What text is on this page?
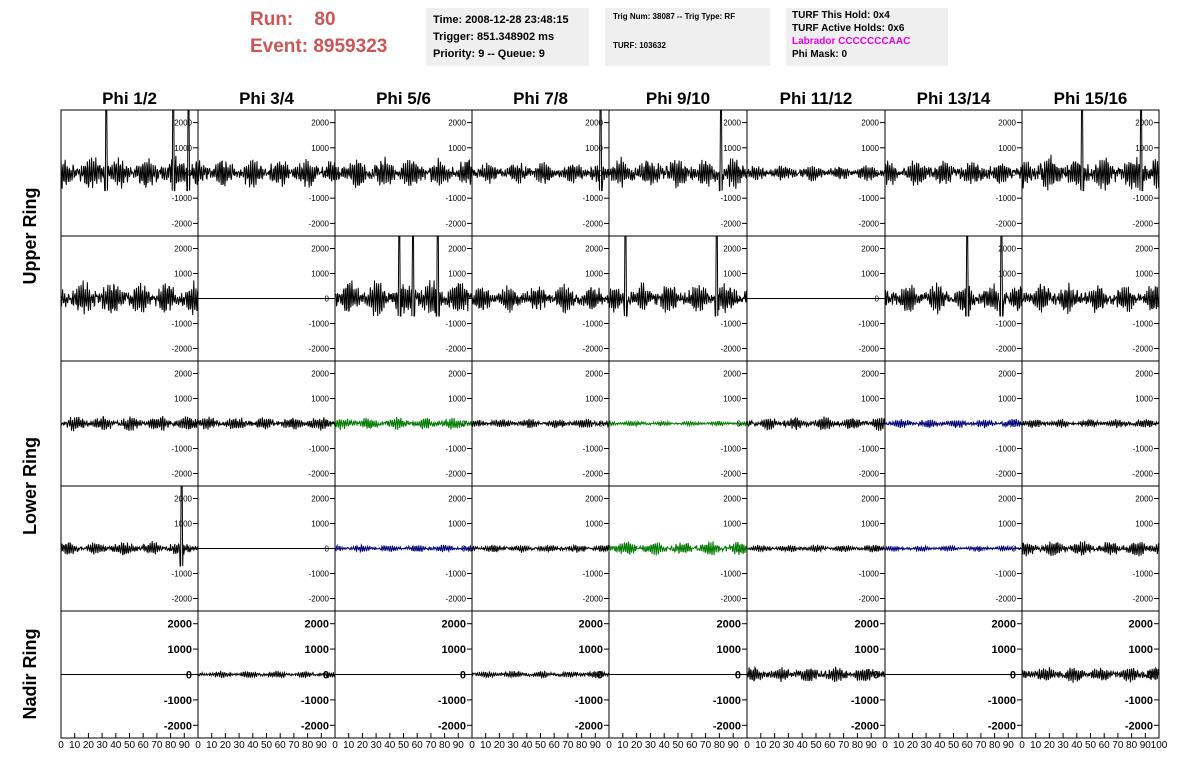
Run: 80
Event: 8959323
Time: 2008-12-28 23:48:15
Trigger: 851.348902 ms
Priority: 9 -- Queue: 9
Trig Num: 38087 -- Trig Type: RF
TURF: 103632
TURF This Hold: 0x4
TURF Active Holds: 0x6
Labrador CCCCCCCAAC
Phi Mask: 0
Phi 1/2	Phi 3/4	Phi 5/6	Phi 7/8	Phi 9/10	Phi 11/12	Phi 13/14	Phi 15/16
Upper Ring
Lower Ring
Nadir Ring
2000
1000
0
-1000
-2000
2000
1000
0
-1000
-2000
2000
1000
0
-1000
-2000
2000
1000
0
-1000
-2000
2000
1000
0
-1000
-2000
2000
1000
0
-1000
-2000
2000
1000
0
-1000
-2000
2000
1000
0
-1000
-2000
2000
1000
0
-1000
-2000
2000
1000
0
-1000
-2000
2000
1000
0
-1000
-2000
2000
1000
0
-1000
-2000
2000
1000
0
-1000
-2000
2000
1000
0
-1000
-2000
2000
1000
0
-1000
-2000
2000
1000
0
-1000
-2000
2000
1000
0
-1000
-2000
2000
1000
0
-1000
-2000
2000
1000
0
-1000
-2000
2000
1000
0
-1000
-2000
2000
1000
0
-1000
-2000
2000
1000
0
-1000
-2000
2000
1000
0
-1000
-2000
2000
1000
0
-1000
-2000
2000
1000
0
-1000
-2000
2000
1000
0
-1000
-2000
2000
1000
0
-1000
-2000
2000
1000
0
-1000
-2000
2000
1000
0
-1000
-2000
2000
1000
0
-1000
-2000
2000
1000
0
-1000
-2000
2000
1000
0
-1000
-2000
2000
1000
0
-1000
-2000
2000
1000
0
-1000
-2000
2000
1000
0
-1000
-2000
2000
1000
0
-1000
-2000
2000
1000
0
-1000
-2000
2000
1000
0
-1000
-2000
2000
1000
0
-1000
-2000
2000
1000
0
-1000
-2000
0 10 20 30 40 50 60 70 80 90 0 10 20 30 40 50 60 70 80 90 0 10 20 30 40 50 60 70 80 90 0 10 20 30 40 50 60 70 80 90 0 10 20 30 40 50 60 70 80 90 0 10 20 30 40 50 60 70 80 90 0 10 20 30 40 50 60 70 80 90 0 10 20 30 40 50 60 70 80 90 100
